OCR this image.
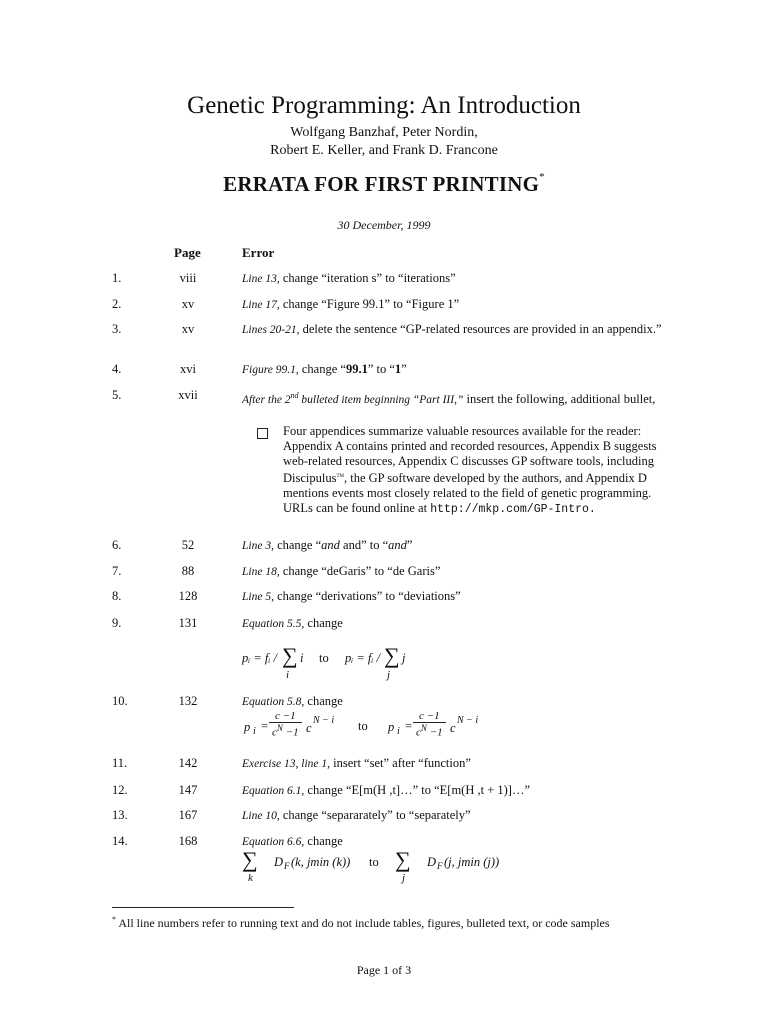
Genetic Programming: An Introduction
Wolfgang Banzhaf, Peter Nordin,
Robert E. Keller, and Frank D. Francone
ERRATA FOR FIRST PRINTING*
30 December, 1999
Page	Error
1.	viii	Line 13, change “iteration s” to “iterations”
2.	xv	Line 17, change “Figure 99.1” to “Figure 1”
3.	xv	Lines 20-21, delete the sentence “GP-related resources are provided in an appendix.”
4.	xvi	Figure 99.1, change “99.1” to “1”
5.	xvii	After the 2nd bulleted item beginning “Part III,” insert the following, additional bullet,
Four appendices summarize valuable resources available for the reader: Appendix A contains printed and recorded resources, Appendix B suggests web-related resources, Appendix C discusses GP software tools, including Discipulus™, the GP software developed by the authors, and Appendix D mentions events most closely related to the field of genetic programming. URLs can be found online at http://mkp.com/GP-Intro.
6.	52	Line 3, change “and and” to “and”
7.	88	Line 18, change “deGaris” to “de Garis”
8.	128	Line 5, change “derivations” to “deviations”
9.	131	Equation 5.5, change
pᵢ = fᵢ / ∑ i
i
to pᵢ = fᵢ / ∑ j
j
10.	132	Equation 5.8, change
p $i = \frac{c -1}{c^N -1}$ c
N − i to p $i = \frac{c -1}{c^N -1}$ c
N − i
11.	142	Exercise 13, line 1, insert “set” after “function”
12.	147	Equation 6.1, change “E[m(H ,t]…” to “E[m(H ,t + 1)]…”
13.	167	Line 10, change “separarately” to “separately”
14.	168	Equation 6.6, change
∑
k
D F (k, jmin (k)) to ∑
j
D F (j, jmin (j))
* All line numbers refer to running text and do not include tables, figures, bulleted text, or code samples
Page 1 of 3
